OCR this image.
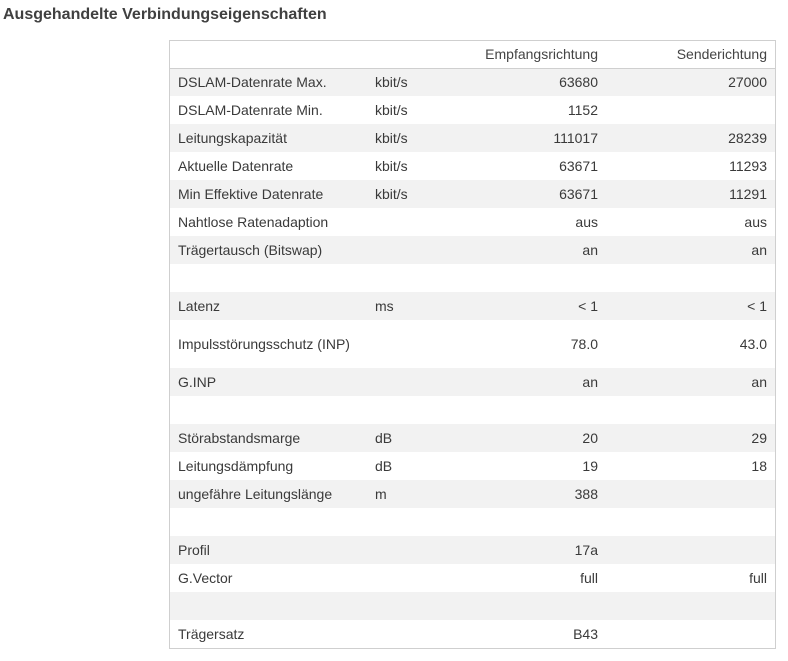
Ausgehandelte Verbindungseigenschaften
		Empfangsrichtung	Senderichtung
DSLAM-Datenrate Max.	kbit/s	63680	27000
DSLAM-Datenrate Min.	kbit/s	1152	
Leitungskapazität	kbit/s	111017	28239
Aktuelle Datenrate	kbit/s	63671	11293
Min Effektive Datenrate	kbit/s	63671	11291
Nahtlose Ratenadaption		aus	aus
Trägertausch (Bitswap)		an	an

Latenz	ms	< 1	< 1
Impulsstörungsschutz (INP)		78.0	43.0
G.INP		an	an

Störabstandsmarge	dB	20	29
Leitungsdämpfung	dB	19	18
ungefähre Leitungslänge	m	388	

Profil		17a	
G.Vector		full	full

Trägersatz		B43	
